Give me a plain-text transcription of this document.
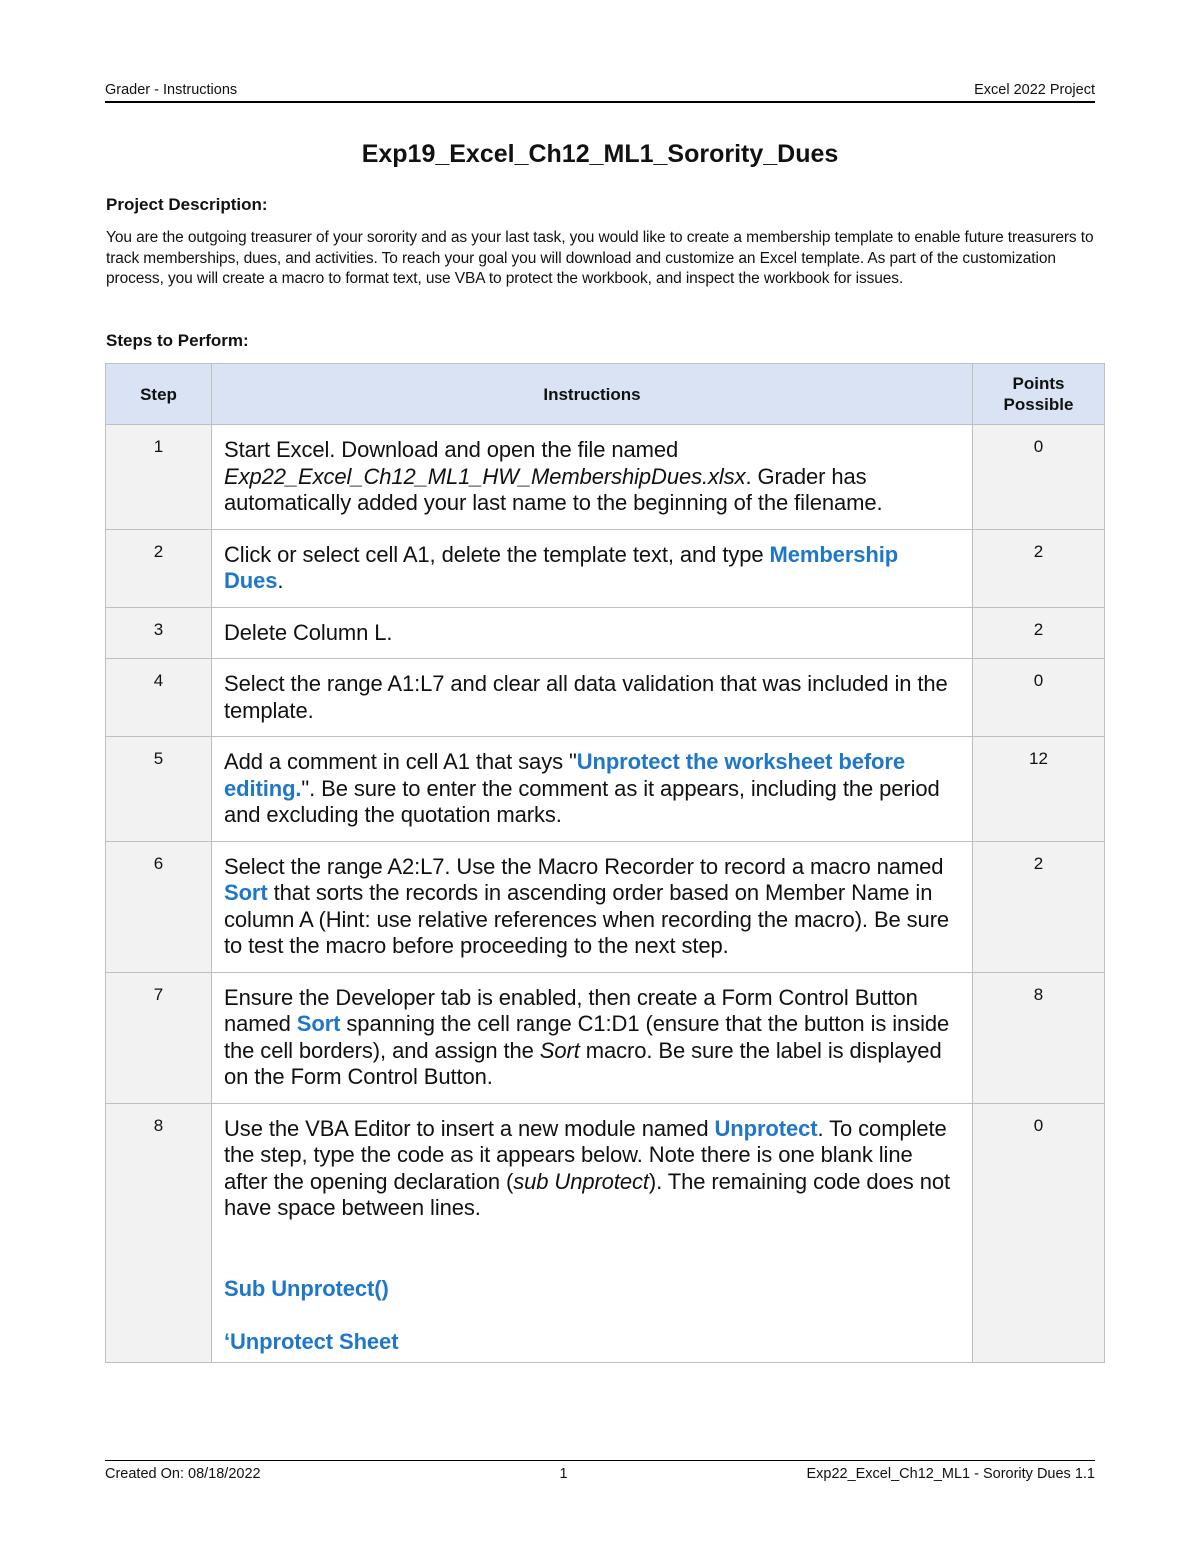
Grader - Instructions	Excel 2022 Project
Exp19_Excel_Ch12_ML1_Sorority_Dues
Project Description:
You are the outgoing treasurer of your sorority and as your last task, you would like to create a membership template to enable future treasurers to track memberships, dues, and activities. To reach your goal you will download and customize an Excel template. As part of the customization process, you will create a macro to format text, use VBA to protect the workbook, and inspect the workbook for issues.
Steps to Perform:
Step	Instructions	Points Possible

1	Start Excel. Download and open the file named Exp22_Excel_Ch12_ML1_HW_MembershipDues.xlsx. Grader has automatically added your last name to the beginning of the filename.	0
2	Click or select cell A1, delete the template text, and type Membership Dues.	2
3	Delete Column L.	2
4	Select the range A1:L7 and clear all data validation that was included in the template.	0
5	Add a comment in cell A1 that says "Unprotect the worksheet before editing.". Be sure to enter the comment as it appears, including the period and excluding the quotation marks.	12
6	Select the range A2:L7. Use the Macro Recorder to record a macro named Sort that sorts the records in ascending order based on Member Name in column A (Hint: use relative references when recording the macro). Be sure to test the macro before proceeding to the next step.	2
7	Ensure the Developer tab is enabled, then create a Form Control Button named Sort spanning the cell range C1:D1 (ensure that the button is inside the cell borders), and assign the Sort macro. Be sure the label is displayed on the Form Control Button.	8
8	Use the VBA Editor to insert a new module named Unprotect. To complete the step, type the code as it appears below. Note there is one blank line after the opening declaration (sub Unprotect). The remaining code does not have space between lines.
Sub Unprotect()
‘Unprotect Sheet	0
Created On: 08/18/2022	1	Exp22_Excel_Ch12_ML1 - Sorority Dues 1.1
